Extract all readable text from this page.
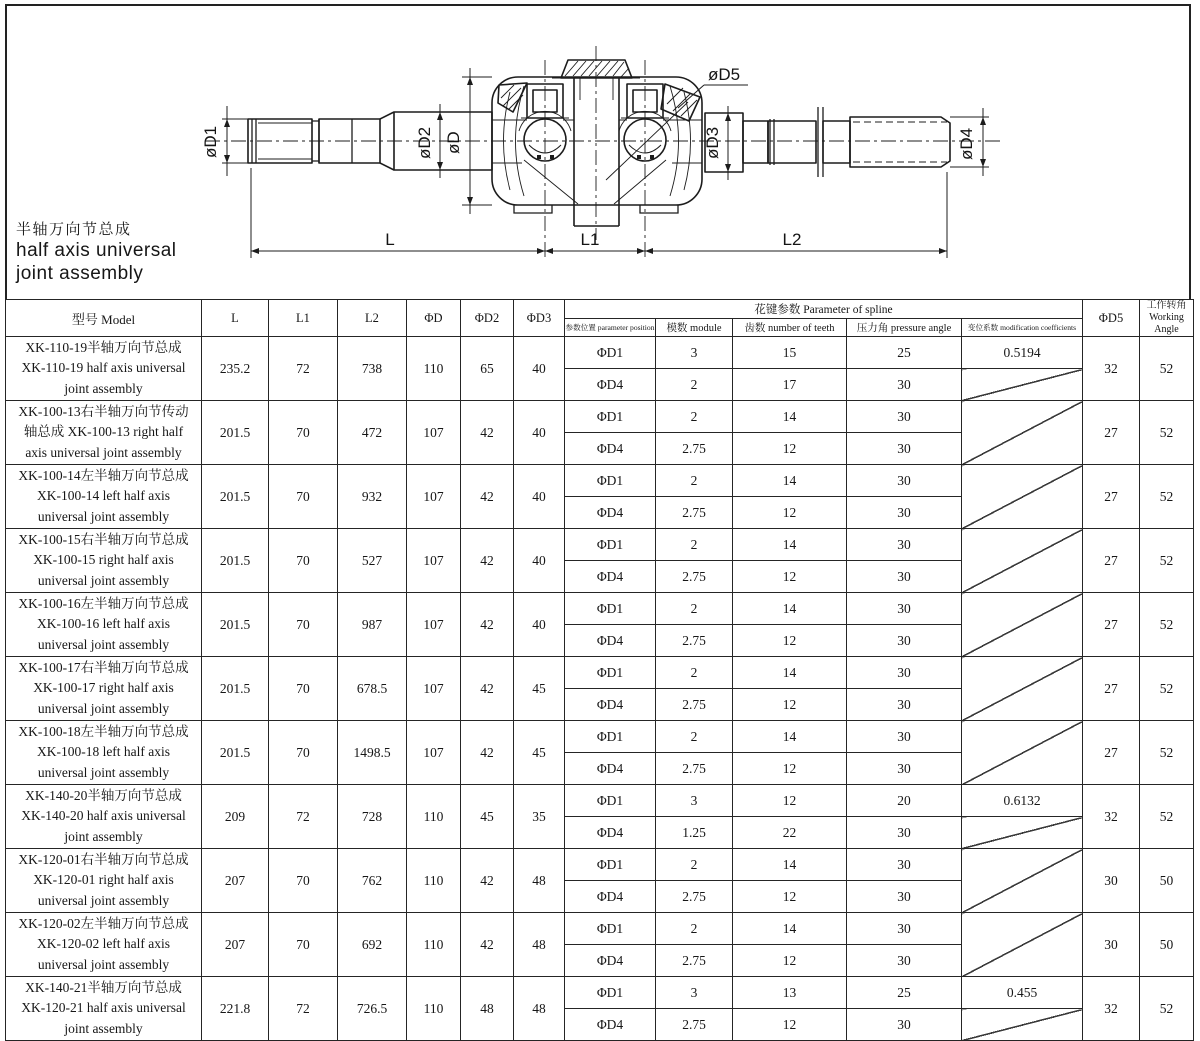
øD1	øD2 øD	øD3	øD4
øD5
L	L1	L2
半轴万向节总成
half axis universal
joint assembly
型号 Model	L	L1	L2	ΦD	ΦD2	ΦD3	花键参数 Parameter of spline					ΦD5	工作转角
Working Angle
							参数位置 parameter position	模数 module	齿数 number of teeth	压力角 pressure angle	变位系数 modification coefficients		
XK-110-19半轴万向节总成 XK-110-19 half axis universal joint assembly	235.2	72	738	110	65	40	ΦD1	3	15	25	0.5194	32	52
							ΦD4	2	17	30			
XK-100-13右半轴万向节传动轴总成 XK-100-13 right half axis universal joint assembly	201.5	70	472	107	42	40	ΦD1	2	14	30		27	52
							ΦD4	2.75	12	30			
XK-100-14左半轴万向节总成 XK-100-14 left half axis universal joint assembly	201.5	70	932	107	42	40	ΦD1	2	14	30		27	52
							ΦD4	2.75	12	30			
XK-100-15右半轴万向节总成 XK-100-15 right half axis universal joint assembly	201.5	70	527	107	42	40	ΦD1	2	14	30		27	52
							ΦD4	2.75	12	30			
XK-100-16左半轴万向节总成 XK-100-16 left half axis universal joint assembly	201.5	70	987	107	42	40	ΦD1	2	14	30		27	52
							ΦD4	2.75	12	30			
XK-100-17右半轴万向节总成 XK-100-17 right half axis universal joint assembly	201.5	70	678.5	107	42	45	ΦD1	2	14	30		27	52
							ΦD4	2.75	12	30			
XK-100-18左半轴万向节总成 XK-100-18 left half axis universal joint assembly	201.5	70	1498.5	107	42	45	ΦD1	2	14	30		27	52
							ΦD4	2.75	12	30			
XK-140-20半轴万向节总成 XK-140-20 half axis universal joint assembly	209	72	728	110	45	35	ΦD1	3	12	20	0.6132	32	52
							ΦD4	1.25	22	30			
XK-120-01右半轴万向节总成 XK-120-01 right half axis universal joint assembly	207	70	762	110	42	48	ΦD1	2	14	30		30	50
							ΦD4	2.75	12	30			
XK-120-02左半轴万向节总成 XK-120-02 left half axis universal joint assembly	207	70	692	110	42	48	ΦD1	2	14	30		30	50
							ΦD4	2.75	12	30			
XK-140-21半轴万向节总成 XK-120-21 half axis universal joint assembly	221.8	72	726.5	110	48	48	ΦD1	3	13	25	0.455	32	52
							ΦD4	2.75	12	30			
